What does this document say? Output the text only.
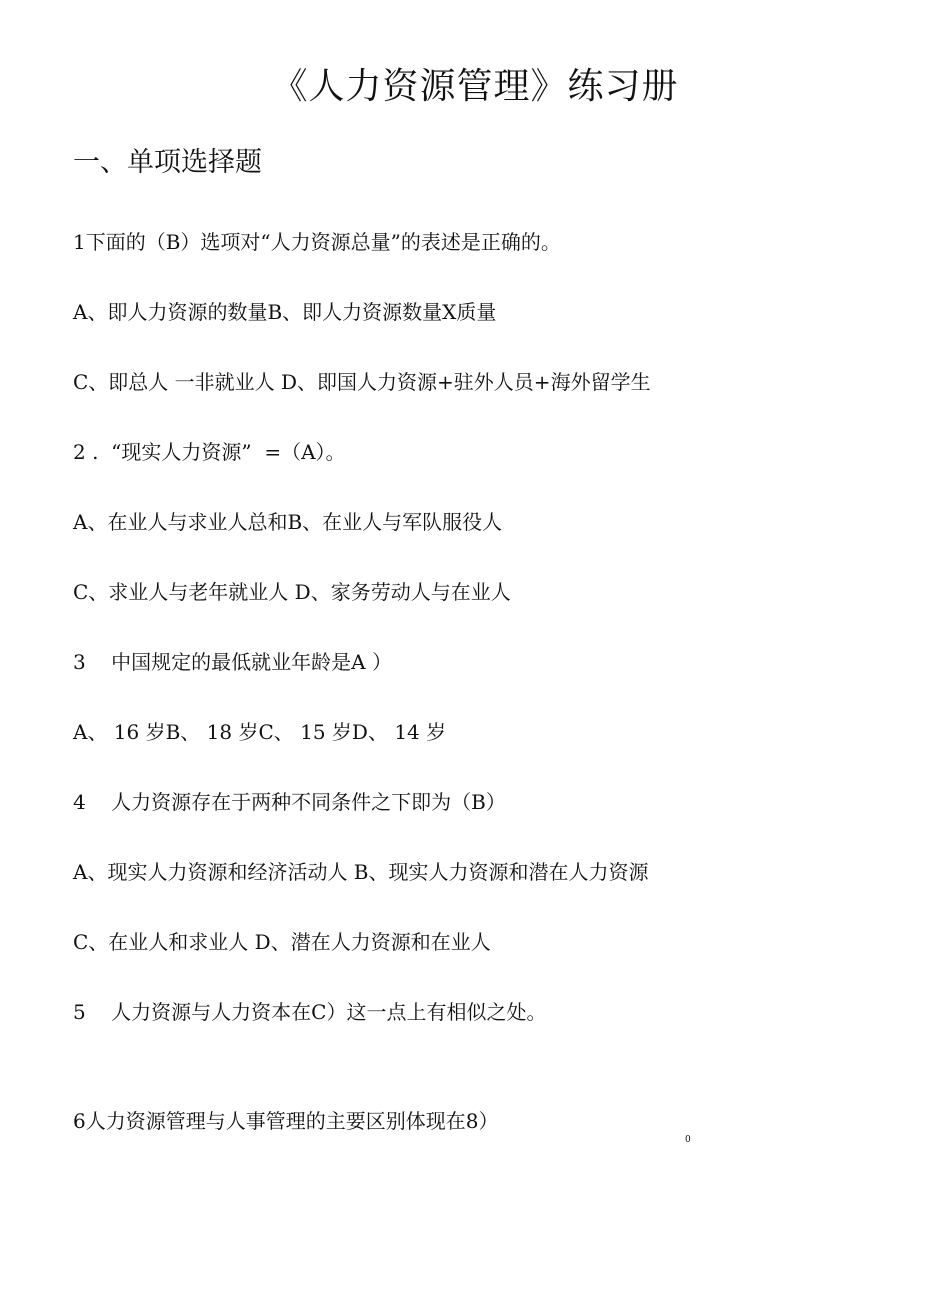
《人力资源管理》练习册
一、单项选择题
1下面的（B）选项对“人力资源总量”的表述是正确的。
A、即人力资源的数量B、即人力资源数量X质量
C、即总人 一非就业人 D、即国人力资源+驻外人员+海外留学生
2 .  “现实人力资源”  =（A）。
A、在业人与求业人总和B、在业人与军队服役人
C、求业人与老年就业人 D、家务劳动人与在业人
3    中国规定的最低就业年龄是A ）
A、 16 岁B、 18 岁C、 15 岁D、 14 岁
4    人力资源存在于两种不同条件之下即为（B）
A、现实人力资源和经济活动人 B、现实人力资源和潜在人力资源
C、在业人和求业人 D、潜在人力资源和在业人
5    人力资源与人力资本在C）这一点上有相似之处。
6人力资源管理与人事管理的主要区别体现在8）
0
